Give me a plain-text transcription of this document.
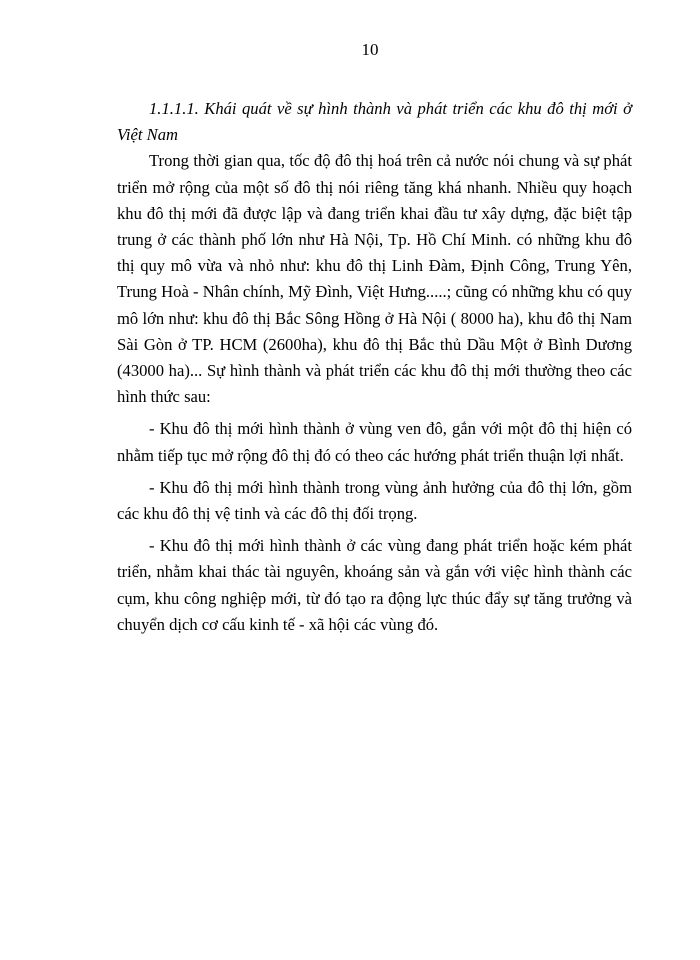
10

1.1.1.1. Khái quát về sự hình thành và phát triển các khu đô thị mới ở Việt Nam

Trong thời gian qua, tốc độ đô thị hoá trên cả nước nói chung và sự phát triển mở rộng của một số đô thị nói riêng tăng khá nhanh. Nhiều quy hoạch khu đô thị mới đã được lập và đang triển khai đầu tư xây dựng, đặc biệt tập trung ở các thành phố lớn như Hà Nội, Tp. Hồ Chí Minh. có những khu đô thị quy mô vừa và nhỏ như: khu đô thị Linh Đàm, Định Công, Trung Yên, Trung Hoà - Nhân chính, Mỹ Đình, Việt Hưng.....; cũng có những khu có quy mô lớn như: khu đô thị Bắc Sông Hồng ở Hà Nội ( 8000 ha), khu đô thị Nam Sài Gòn ở TP. HCM (2600ha), khu đô thị Bắc thủ Dầu Một ở Bình Dương (43000 ha)... Sự hình thành và phát triển các khu đô thị mới thường theo các hình thức sau:

- Khu đô thị mới hình thành ở vùng ven đô, gắn với một đô thị hiện có nhằm tiếp tục mở rộng đô thị đó có theo các hướng phát triển thuận lợi nhất.

- Khu đô thị mới hình thành trong vùng ảnh hưởng của đô thị lớn, gồm các khu đô thị vệ tinh và các đô thị đối trọng.

- Khu đô thị mới hình thành ở các vùng đang phát triển hoặc kém phát triển, nhằm khai thác tài nguyên, khoáng sản và gắn với việc hình thành các cụm, khu công nghiệp mới, từ đó tạo ra động lực thúc đẩy sự tăng trưởng và chuyển dịch cơ cấu kinh tế - xã hội các vùng đó.
